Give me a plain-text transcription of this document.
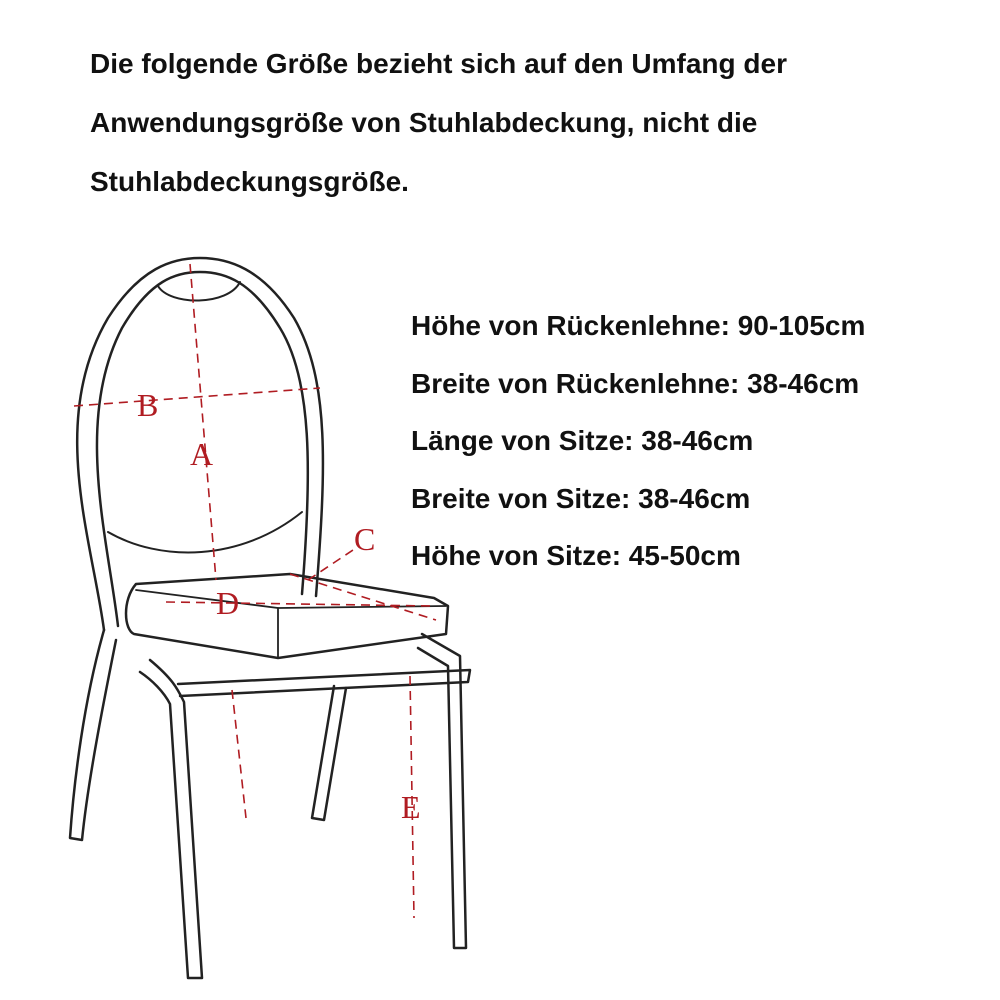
Die folgende Größe bezieht sich auf den Umfang der
Anwendungsgröße von Stuhlabdeckung, nicht die
Stuhlabdeckungsgröße.
B
A
C
D
E
Höhe von Rückenlehne: 90-105cm
Breite von Rückenlehne: 38-46cm
Länge von Sitze: 38-46cm
Breite von Sitze: 38-46cm
Höhe von Sitze: 45-50cm
